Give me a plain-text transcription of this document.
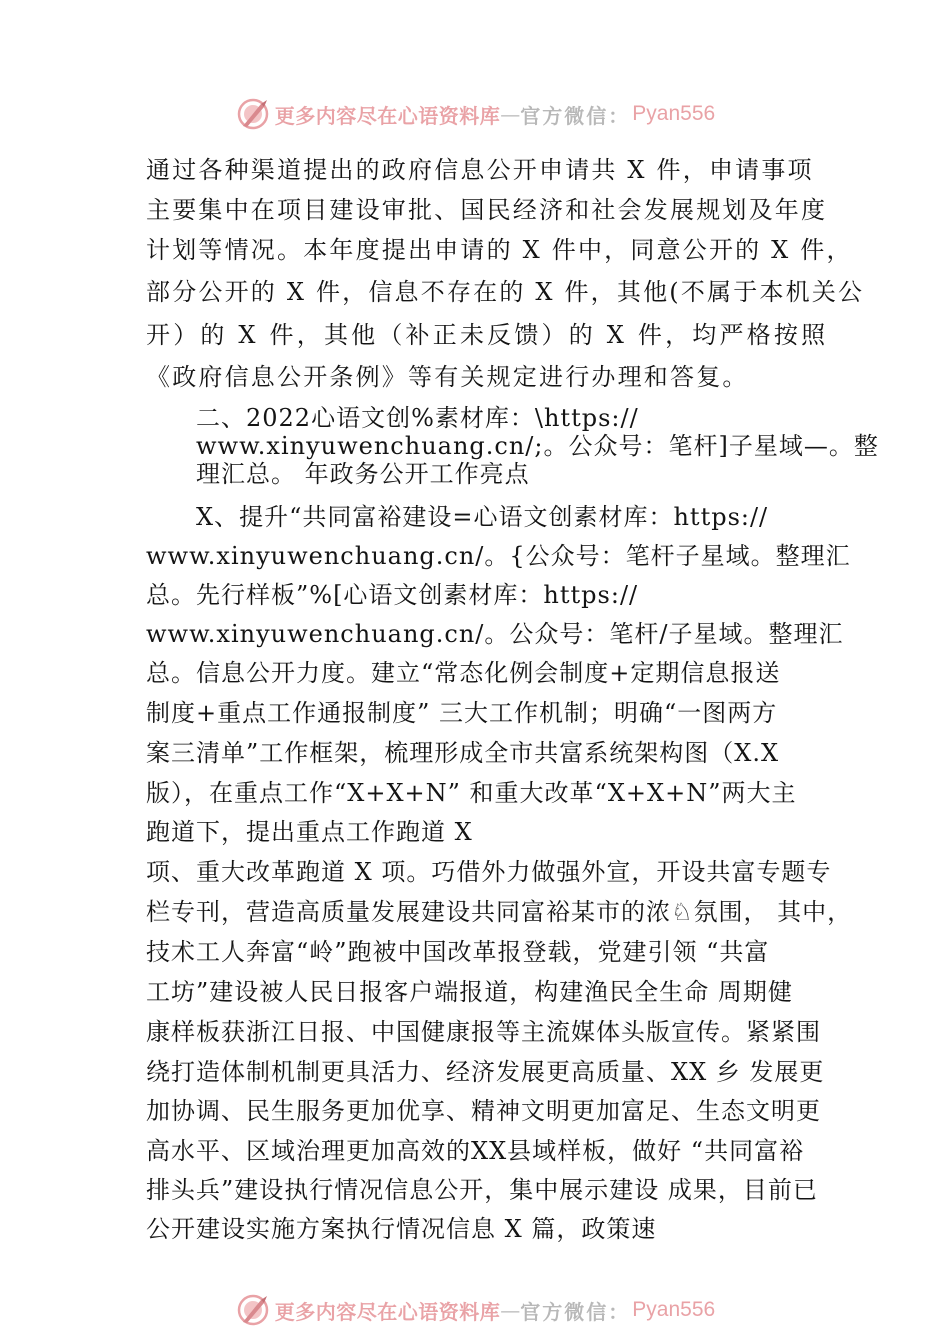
更多内容尽在心语资料库 — 官方微信： Pyan556
通过各种渠道提出的政府信息公开申请共 X 件，申请事项
主要集中在项目建设审批、国民经济和社会发展规划及年度
计划等情况。本年度提出申请的 X 件中，同意公开的 X 件，
部分公开的 X 件，信息不存在的 X 件，其他(不属于本机关公
开）的 X 件，其他（补正未反馈）的 X 件，均严格按照
《政府信息公开条例》等有关规定进行办理和答复。
二、2022心语文创%素材库：\https://
www.xinyuwenchuang.cn/;。公众号：笔杆]子星域—。整
理汇总。 年政务公开工作亮点
X、提升“共同富裕建设=心语文创素材库：https://
www.xinyuwenchuang.cn/。{公众号：笔杆子星域。整理汇
总。先行样板”%[心语文创素材库：https://
www.xinyuwenchuang.cn/。公众号：笔杆/子星域。整理汇
总。信息公开力度。建立“常态化例会制度+定期信息报送
制度+重点工作通报制度” 三大工作机制；明确“一图两方
案三清单”工作框架，梳理形成全市共富系统架构图（X.X
版），在重点工作“X+X+N” 和重大改革“X+X+N”两大主
跑道下，提出重点工作跑道 X
项、重大改革跑道 X 项。巧借外力做强外宣，开设共富专题专
栏专刊，营造高质量发展建设共同富裕某市的浓♘氛围， 其中，
技术工人奔富“岭”跑被中国改革报登载，党建引领 “共富
工坊”建设被人民日报客户端报道，构建渔民全生命 周期健
康样板获浙江日报、中国健康报等主流媒体头版宣传。紧紧围
绕打造体制机制更具活力、经济发展更高质量、XX 乡 发展更
加协调、民生服务更加优享、精神文明更加富足、生态文明更
高水平、区域治理更加高效的XX县域样板，做好 “共同富裕
排头兵”建设执行情况信息公开，集中展示建设 成果，目前已
公开建设实施方案执行情况信息 X 篇，政策速
更多内容尽在心语资料库 — 官方微信： Pyan556
